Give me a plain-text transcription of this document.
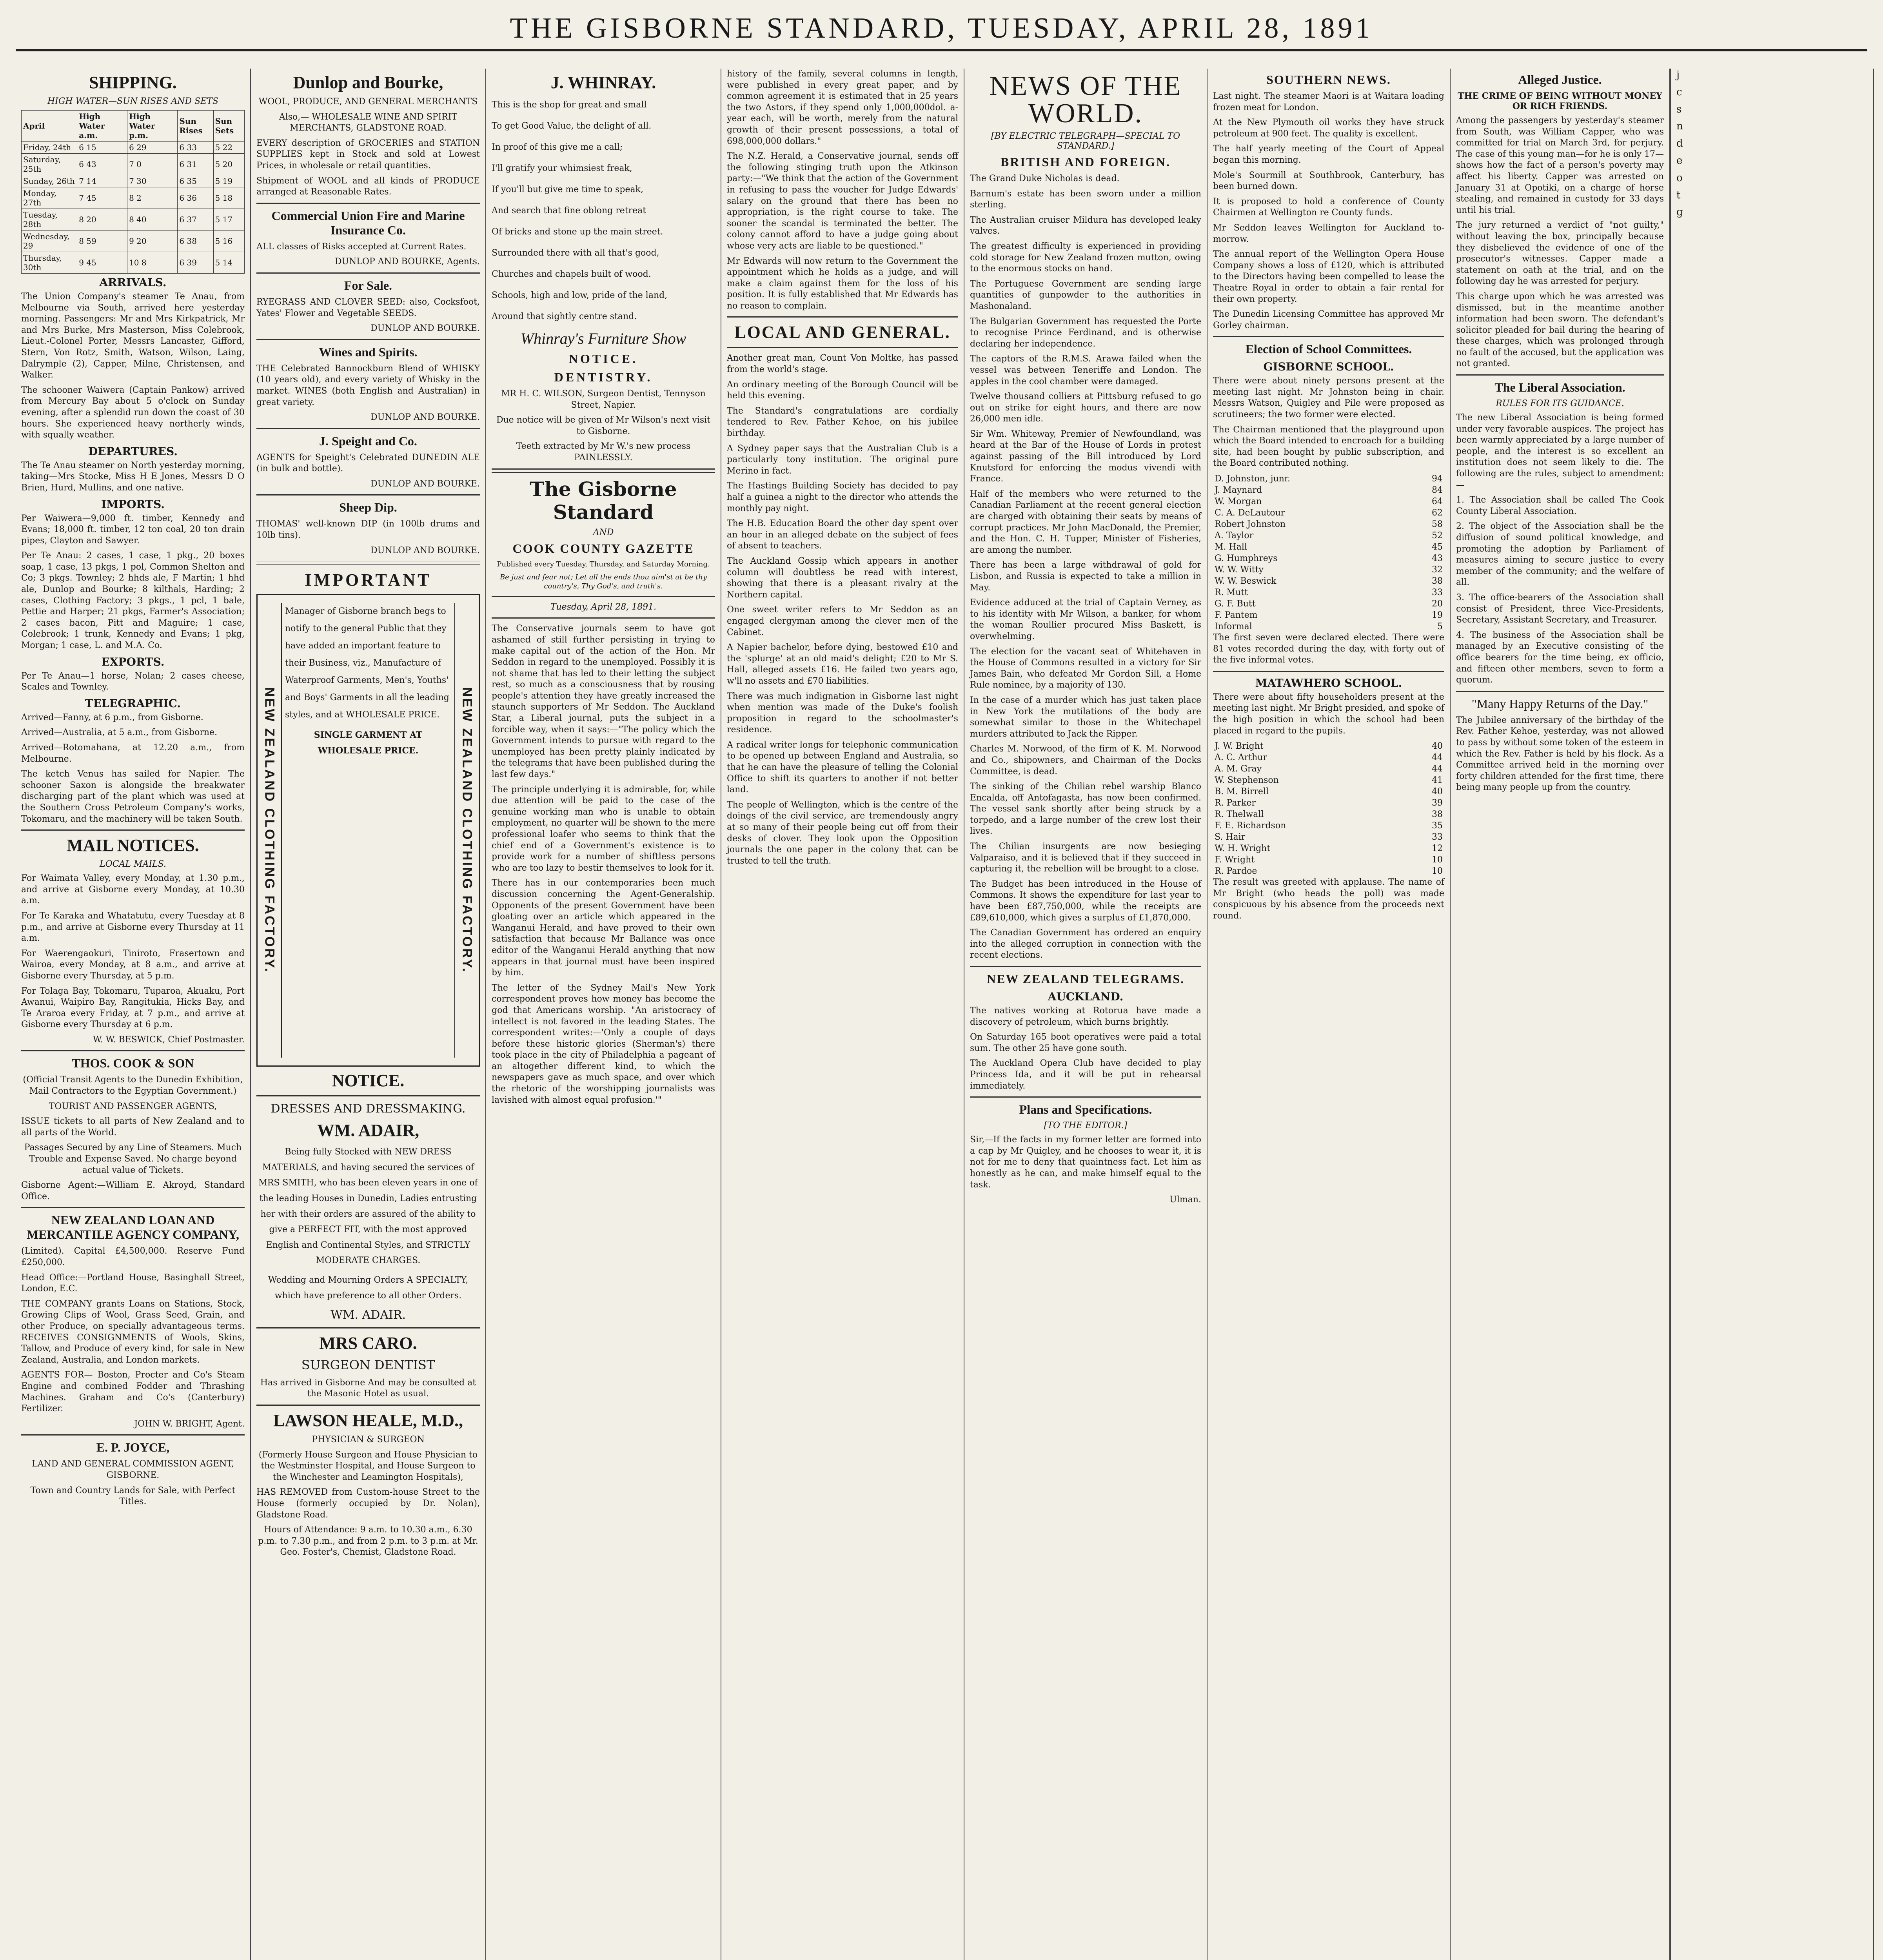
THE GISBORNE STANDARD, TUESDAY, APRIL 28, 1891
SHIPPING.
HIGH WATER—SUN RISES AND SETS
April	High Water a.m.	High Water p.m.	Sun Rises	Sun Sets
Friday, 24th	6 15	6 29	6 33	5 22
Saturday, 25th	6 43	7 0	6 31	5 20
Sunday, 26th	7 14	7 30	6 35	5 19
Monday, 27th	7 45	8 2	6 36	5 18
Tuesday, 28th	8 20	8 40	6 37	5 17
Wednesday, 29	8 59	9 20	6 38	5 16
Thursday, 30th	9 45	10 8	6 39	5 14
ARRIVALS.

The Union Company's steamer Te Anau, from Melbourne via South, arrived here yesterday morning. Passengers: Mr and Mrs Kirkpatrick, Mr and Mrs Burke, Mrs Masterson, Miss Colebrook, Lieut.-Colonel Porter, Messrs Lancaster, Gifford, Stern, Von Rotz, Smith, Watson, Wilson, Laing, Dalrymple (2), Capper, Milne, Christensen, and Walker.

The schooner Waiwera (Captain Pankow) arrived from Mercury Bay about 5 o'clock on Sunday evening, after a splendid run down the coast of 30 hours. She experienced heavy northerly winds, with squally weather.

DEPARTURES.

The Te Anau steamer on North yesterday morning, taking—Mrs Stocke, Miss H E Jones, Messrs D O Brien, Hurd, Mullins, and one native.

IMPORTS.

Per Waiwera—9,000 ft. timber, Kennedy and Evans; 18,000 ft. timber, 12 ton coal, 20 ton drain pipes, Clayton and Sawyer.

Per Te Anau: 2 cases, 1 case, 1 pkg., 20 boxes soap, 1 case, 13 pkgs, 1 pol, Common Shelton and Co; 3 pkgs. Townley; 2 hhds ale, F Martin; 1 hhd ale, Dunlop and Bourke; 8 kilthals, Harding; 2 cases, Clothing Factory; 3 pkgs., 1 pcl, 1 bale, Pettie and Harper; 21 pkgs, Farmer's Association; 2 cases bacon, Pitt and Maguire; 1 case, Colebrook; 1 trunk, Kennedy and Evans; 1 pkg, Morgan; 1 case, L. and M.A. Co.

EXPORTS.

Per Te Anau—1 horse, Nolan; 2 cases cheese, Scales and Townley.

TELEGRAPHIC.

Arrived—Fanny, at 6 p.m., from Gisborne.

Arrived—Australia, at 5 a.m., from Gisborne.

Arrived—Rotomahana, at 12.20 a.m., from Melbourne.

The ketch Venus has sailed for Napier. The schooner Saxon is alongside the breakwater discharging part of the plant which was used at the Southern Cross Petroleum Company's works, Tokomaru, and the machinery will be taken South.

MAIL NOTICES.
LOCAL MAILS.

For Waimata Valley, every Monday, at 1.30 p.m., and arrive at Gisborne every Monday, at 10.30 a.m.

For Te Karaka and Whatatutu, every Tuesday at 8 p.m., and arrive at Gisborne every Thursday at 11 a.m.

For Waerengaokuri, Tiniroto, Frasertown and Wairoa, every Monday, at 8 a.m., and arrive at Gisborne every Thursday, at 5 p.m.

For Tolaga Bay, Tokomaru, Tuparoa, Akuaku, Port Awanui, Waipiro Bay, Rangitukia, Hicks Bay, and Te Araroa every Friday, at 7 p.m., and arrive at Gisborne every Thursday at 6 p.m.

W. W. BESWICK, Chief Postmaster.

THOS. COOK & SON

(Official Transit Agents to the Dunedin Exhibition, Mail Contractors to the Egyptian Government.)

TOURIST AND PASSENGER AGENTS,

ISSUE tickets to all parts of New Zealand and to all parts of the World.

Passages Secured by any Line of Steamers. Much Trouble and Expense Saved. No charge beyond actual value of Tickets.

Gisborne Agent:—William E. Akroyd, Standard Office.

NEW ZEALAND LOAN AND MERCANTILE AGENCY COMPANY,

(Limited). Capital £4,500,000. Reserve Fund £250,000.

Head Office:—Portland House, Basinghall Street, London, E.C.

THE COMPANY grants Loans on Stations, Stock, Growing Clips of Wool, Grass Seed, Grain, and other Produce, on specially advantageous terms. RECEIVES CONSIGNMENTS of Wools, Skins, Tallow, and Produce of every kind, for sale in New Zealand, Australia, and London markets.

AGENTS FOR— Boston, Procter and Co's Steam Engine and combined Fodder and Thrashing Machines. Graham and Co's (Canterbury) Fertilizer.

JOHN W. BRIGHT, Agent.

E. P. JOYCE,

LAND AND GENERAL COMMISSION AGENT, GISBORNE.

Town and Country Lands for Sale, with Perfect Titles.

Dunlop and Bourke,

WOOL, PRODUCE, AND GENERAL MERCHANTS

Also,— WHOLESALE WINE AND SPIRIT MERCHANTS, GLADSTONE ROAD.

EVERY description of GROCERIES and STATION SUPPLIES kept in Stock and sold at Lowest Prices, in wholesale or retail quantities.

Shipment of WOOL and all kinds of PRODUCE arranged at Reasonable Rates.

Commercial Union Fire and Marine Insurance Co.

ALL classes of Risks accepted at Current Rates.

DUNLOP AND BOURKE, Agents.

For Sale.

RYEGRASS AND CLOVER SEED: also, Cocksfoot, Yates' Flower and Vegetable SEEDS.

DUNLOP AND BOURKE.

Wines and Spirits.

THE Celebrated Bannockburn Blend of WHISKY (10 years old), and every variety of Whisky in the market. WINES (both English and Australian) in great variety.

DUNLOP AND BOURKE.

J. Speight and Co.

AGENTS for Speight's Celebrated DUNEDIN ALE (in bulk and bottle).

DUNLOP AND BOURKE.

Sheep Dip.

THOMAS' well-known DIP (in 100lb drums and 10lb tins).

DUNLOP AND BOURKE.

IMPORTANT
NEW ZEALAND CLOTHING FACTORY.

Manager of Gisborne branch begs to notify to the general Public that they have added an important feature to their Business, viz., Manufacture of Waterproof Garments, Men's, Youths' and Boys' Garments in all the leading styles, and at WHOLESALE PRICE.

SINGLE GARMENT AT WHOLESALE PRICE.	NEW ZEALAND CLOTHING FACTORY.
NOTICE.

DRESSES AND DRESSMAKING.

WM. ADAIR,

Being fully Stocked with NEW DRESS MATERIALS, and having secured the services of MRS SMITH, who has been eleven years in one of the leading Houses in Dunedin, Ladies entrusting her with their orders are assured of the ability to give a PERFECT FIT, with the most approved English and Continental Styles, and STRICTLY MODERATE CHARGES.

Wedding and Mourning Orders A SPECIALTY, which have preference to all other Orders.

WM. ADAIR.

MRS CARO.

SURGEON DENTIST

Has arrived in Gisborne And may be consulted at the Masonic Hotel as usual.

LAWSON HEALE, M.D.,

PHYSICIAN & SURGEON

(Formerly House Surgeon and House Physician to the Westminster Hospital, and House Surgeon to the Winchester and Leamington Hospitals),

HAS REMOVED from Custom-house Street to the House (formerly occupied by Dr. Nolan), Gladstone Road.

Hours of Attendance: 9 a.m. to 10.30 a.m., 6.30 p.m. to 7.30 p.m., and from 2 p.m. to 3 p.m. at Mr. Geo. Foster's, Chemist, Gladstone Road.

J. WHINRAY.

This is the shop for great and small

To get Good Value, the delight of all.

In proof of this give me a call;

I'll gratify your whimsiest freak,

If you'll but give me time to speak,

And search that fine oblong retreat

Of bricks and stone up the main street.

Surrounded there with all that's good,

Churches and chapels built of wood.

Schools, high and low, pride of the land,

Around that sightly centre stand.

Whinray's Furniture Show
NOTICE.
DENTISTRY.

MR H. C. WILSON, Surgeon Dentist, Tennyson Street, Napier.

Due notice will be given of Mr Wilson's next visit to Gisborne.

Teeth extracted by Mr W.'s new process PAINLESSLY.

The Gisborne Standard
AND
COOK COUNTY GAZETTE

Published every Tuesday, Thursday, and Saturday Morning.

Be just and fear not; Let all the ends thou aim'st at be thy country's, Thy God's, and truth's.

Tuesday, April 28, 1891.

The Conservative journals seem to have got ashamed of still further persisting in trying to make capital out of the action of the Hon. Mr Seddon in regard to the unemployed. Possibly it is not shame that has led to their letting the subject rest, so much as a consciousness that by rousing people's attention they have greatly increased the staunch supporters of Mr Seddon. The Auckland Star, a Liberal journal, puts the subject in a forcible way, when it says:—"The policy which the Government intends to pursue with regard to the unemployed has been pretty plainly indicated by the telegrams that have been published during the last few days."

The principle underlying it is admirable, for, while due attention will be paid to the case of the genuine working man who is unable to obtain employment, no quarter will be shown to the mere professional loafer who seems to think that the chief end of a Government's existence is to provide work for a number of shiftless persons who are too lazy to bestir themselves to look for it.

There has in our contemporaries been much discussion concerning the Agent-Generalship. Opponents of the present Government have been gloating over an article which appeared in the Wanganui Herald, and have proved to their own satisfaction that because Mr Ballance was once editor of the Wanganui Herald anything that now appears in that journal must have been inspired by him.

The letter of the Sydney Mail's New York correspondent proves how money has become the god that Americans worship. "An aristocracy of intellect is not favored in the leading States. The correspondent writes:—'Only a couple of days before these historic glories (Sherman's) there took place in the city of Philadelphia a pageant of an altogether different kind, to which the newspapers gave as much space, and over which the rhetoric of the worshipping journalists was lavished with almost equal profusion.'"

history of the family, several columns in length, were published in every great paper, and by common agreement it is estimated that in 25 years the two Astors, if they spend only 1,000,000dol. a-year each, will be worth, merely from the natural growth of their present possessions, a total of 698,000,000 dollars."

The N.Z. Herald, a Conservative journal, sends off the following stinging truth upon the Atkinson party:—"We think that the action of the Government in refusing to pass the voucher for Judge Edwards' salary on the ground that there has been no appropriation, is the right course to take. The sooner the scandal is terminated the better. The colony cannot afford to have a judge going about whose very acts are liable to be questioned."

Mr Edwards will now return to the Government the appointment which he holds as a judge, and will make a claim against them for the loss of his position. It is fully established that Mr Edwards has no reason to complain.

LOCAL AND GENERAL.

Another great man, Count Von Moltke, has passed from the world's stage.

An ordinary meeting of the Borough Council will be held this evening.

The Standard's congratulations are cordially tendered to Rev. Father Kehoe, on his jubilee birthday.

A Sydney paper says that the Australian Club is a particularly tony institution. The original pure Merino in fact.

The Hastings Building Society has decided to pay half a guinea a night to the director who attends the monthly pay night.

The H.B. Education Board the other day spent over an hour in an alleged debate on the subject of fees of absent to teachers.

The Auckland Gossip which appears in another column will doubtless be read with interest, showing that there is a pleasant rivalry at the Northern capital.

One sweet writer refers to Mr Seddon as an engaged clergyman among the clever men of the Cabinet.

A Napier bachelor, before dying, bestowed £10 and the 'splurge' at an old maid's delight; £20 to Mr S. Hall, alleged assets £16. He failed two years ago, w'll no assets and £70 liabilities.

There was much indignation in Gisborne last night when mention was made of the Duke's foolish proposition in regard to the schoolmaster's residence.

A radical writer longs for telephonic communication to be opened up between England and Australia, so that he can have the pleasure of telling the Colonial Office to shift its quarters to another if not better land.

The people of Wellington, which is the centre of the doings of the civil service, are tremendously angry at so many of their people being cut off from their desks of clover. They look upon the Opposition journals the one paper in the colony that can be trusted to tell the truth.

NEWS OF THE WORLD.
[BY ELECTRIC TELEGRAPH—SPECIAL TO STANDARD.]
BRITISH AND FOREIGN.

The Grand Duke Nicholas is dead.

Barnum's estate has been sworn under a million sterling.

The Australian cruiser Mildura has developed leaky valves.

The greatest difficulty is experienced in providing cold storage for New Zealand frozen mutton, owing to the enormous stocks on hand.

The Portuguese Government are sending large quantities of gunpowder to the authorities in Mashonaland.

The Bulgarian Government has requested the Porte to recognise Prince Ferdinand, and is otherwise declaring her independence.

The captors of the R.M.S. Arawa failed when the vessel was between Teneriffe and London. The apples in the cool chamber were damaged.

Twelve thousand colliers at Pittsburg refused to go out on strike for eight hours, and there are now 26,000 men idle.

Sir Wm. Whiteway, Premier of Newfoundland, was heard at the Bar of the House of Lords in protest against passing of the Bill introduced by Lord Knutsford for enforcing the modus vivendi with France.

Half of the members who were returned to the Canadian Parliament at the recent general election are charged with obtaining their seats by means of corrupt practices. Mr John MacDonald, the Premier, and the Hon. C. H. Tupper, Minister of Fisheries, are among the number.

There has been a large withdrawal of gold for Lisbon, and Russia is expected to take a million in May.

Evidence adduced at the trial of Captain Verney, as to his identity with Mr Wilson, a banker, for whom the woman Roullier procured Miss Baskett, is overwhelming.

The election for the vacant seat of Whitehaven in the House of Commons resulted in a victory for Sir James Bain, who defeated Mr Gordon Sill, a Home Rule nominee, by a majority of 130.

In the case of a murder which has just taken place in New York the mutilations of the body are somewhat similar to those in the Whitechapel murders attributed to Jack the Ripper.

Charles M. Norwood, of the firm of K. M. Norwood and Co., shipowners, and Chairman of the Docks Committee, is dead.

The sinking of the Chilian rebel warship Blanco Encalda, off Antofagasta, has now been confirmed. The vessel sank shortly after being struck by a torpedo, and a large number of the crew lost their lives.

The Chilian insurgents are now besieging Valparaiso, and it is believed that if they succeed in capturing it, the rebellion will be brought to a close.

The Budget has been introduced in the House of Commons. It shows the expenditure for last year to have been £87,750,000, while the receipts are £89,610,000, which gives a surplus of £1,870,000.

The Canadian Government has ordered an enquiry into the alleged corruption in connection with the recent elections.

NEW ZEALAND TELEGRAMS.
AUCKLAND.

The natives working at Rotorua have made a discovery of petroleum, which burns brightly.

On Saturday 165 boot operatives were paid a total sum. The other 25 have gone south.

The Auckland Opera Club have decided to play Princess Ida, and it will be put in rehearsal immediately.

Plans and Specifications.
[TO THE EDITOR.]

Sir,—If the facts in my former letter are formed into a cap by Mr Quigley, and he chooses to wear it, it is not for me to deny that quaintness fact. Let him as honestly as he can, and make himself equal to the task.

Ulman.

SOUTHERN NEWS.

Last night. The steamer Maori is at Waitara loading frozen meat for London.

At the New Plymouth oil works they have struck petroleum at 900 feet. The quality is excellent.

The half yearly meeting of the Court of Appeal began this morning.

Mole's Sourmill at Southbrook, Canterbury, has been burned down.

It is proposed to hold a conference of County Chairmen at Wellington re County funds.

Mr Seddon leaves Wellington for Auckland to-morrow.

The annual report of the Wellington Opera House Company shows a loss of £120, which is attributed to the Directors having been compelled to lease the Theatre Royal in order to obtain a fair rental for their own property.

The Dunedin Licensing Committee has approved Mr Gorley chairman.

Election of School Committees.
GISBORNE SCHOOL.

There were about ninety persons present at the meeting last night. Mr Johnston being in chair. Messrs Watson, Quigley and Pile were proposed as scrutineers; the two former were elected.

The Chairman mentioned that the playground upon which the Board intended to encroach for a building site, had been bought by public subscription, and the Board contributed nothing.

D. Johnston, junr.	94
J. Maynard	84
W. Morgan	64
C. A. DeLautour	62
Robert Johnston	58
A. Taylor	52
M. Hall	45
G. Humphreys	43
W. W. Witty	32
W. W. Beswick	38
R. Mutt	33
G. F. Butt	20
F. Pantem	19
Informal	5

The first seven were declared elected. There were 81 votes recorded during the day, with forty out of the five informal votes.

MATAWHERO SCHOOL.

There were about fifty householders present at the meeting last night. Mr Bright presided, and spoke of the high position in which the school had been placed in regard to the pupils.

J. W. Bright	40
A. C. Arthur	44
A. M. Gray	44
W. Stephenson	41
B. M. Birrell	40
R. Parker	39
R. Thelwall	38
F. E. Richardson	35
S. Hair	33
W. H. Wright	12
F. Wright	10
R. Pardoe	10

The result was greeted with applause. The name of Mr Bright (who heads the poll) was made conspicuous by his absence from the proceeds next round.

Alleged Justice.
THE CRIME OF BEING WITHOUT MONEY OR RICH FRIENDS.

Among the passengers by yesterday's steamer from South, was William Capper, who was committed for trial on March 3rd, for perjury. The case of this young man—for he is only 17—shows how the fact of a person's poverty may affect his liberty. Capper was arrested on January 31 at Opotiki, on a charge of horse stealing, and remained in custody for 33 days until his trial.

The jury returned a verdict of "not guilty," without leaving the box, principally because they disbelieved the evidence of one of the prosecutor's witnesses. Capper made a statement on oath at the trial, and on the following day he was arrested for perjury.

This charge upon which he was arrested was dismissed, but in the meantime another information had been sworn. The defendant's solicitor pleaded for bail during the hearing of these charges, which was prolonged through no fault of the accused, but the application was not granted.

The Liberal Association.
RULES FOR ITS GUIDANCE.

The new Liberal Association is being formed under very favorable auspices. The project has been warmly appreciated by a large number of people, and the interest is so excellent an institution does not seem likely to die. The following are the rules, subject to amendment:—

1. The Association shall be called The Cook County Liberal Association.

2. The object of the Association shall be the diffusion of sound political knowledge, and promoting the adoption by Parliament of measures aiming to secure justice to every member of the community; and the welfare of all.

3. The office-bearers of the Association shall consist of President, three Vice-Presidents, Secretary, Assistant Secretary, and Treasurer.

4. The business of the Association shall be managed by an Executive consisting of the office bearers for the time being, ex officio, and fifteen other members, seven to form a quorum.

"Many Happy Returns of the Day."

The Jubilee anniversary of the birthday of the Rev. Father Kehoe, yesterday, was not allowed to pass by without some token of the esteem in which the Rev. Father is held by his flock. As a Committee arrived held in the morning over forty children attended for the first time, there being many people up from the country.

j

c

s

n

d

e

o

t

g
